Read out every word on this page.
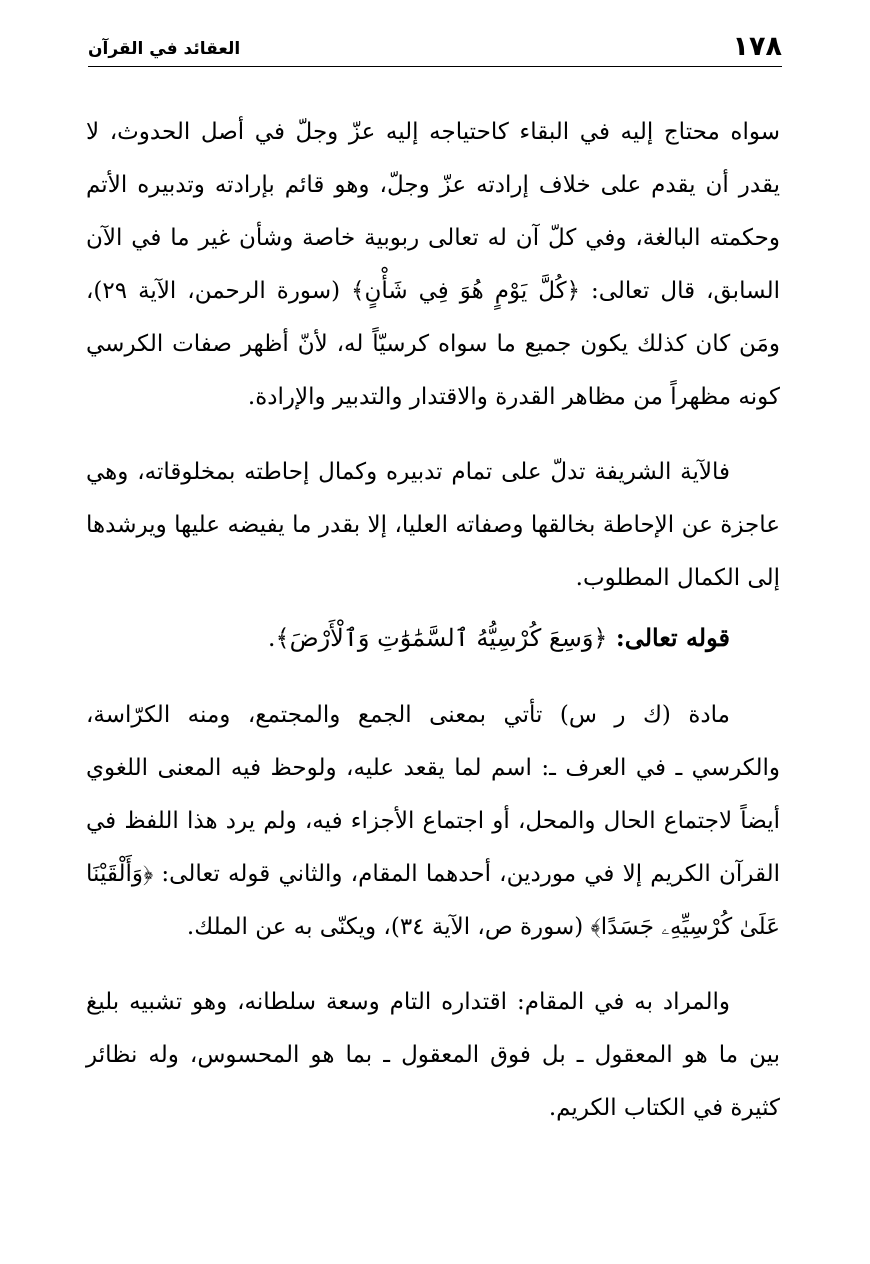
١٧٨
العقائد في القرآن

سواه محتاج إليه في البقاء كاحتياجه إليه عزّ وجلّ في أصل الحدوث، لا يقدر أن يقدم على خلاف إرادته عزّ وجلّ، وهو قائم بإرادته وتدبيره الأتم وحكمته البالغة، وفي كلّ آن له تعالى ربوبية خاصة وشأن غير ما في الآن السابق، قال تعالى: ﴿كُلَّ يَوْمٍ هُوَ فِي شَأْنٍ﴾ (سورة الرحمن، الآية ٢٩)، ومَن كان كذلك يكون جميع ما سواه كرسيّاً له، لأنّ أظهر صفات الكرسي كونه مظهراً من مظاهر القدرة والاقتدار والتدبير والإرادة.

فالآية الشريفة تدلّ على تمام تدبيره وكمال إحاطته بمخلوقاته، وهي عاجزة عن الإحاطة بخالقها وصفاته العليا، إلا بقدر ما يفيضه عليها ويرشدها إلى الكمال المطلوب.

قوله تعالى: ﴿وَسِعَ كُرْسِيُّهُ ٱلسَّمَٰوَٰتِ وَٱلْأَرْضَ﴾.

مادة (ك ر س) تأتي بمعنى الجمع والمجتمع، ومنه الكرّاسة، والكرسي ـ في العرف ـ: اسم لما يقعد عليه، ولوحظ فيه المعنى اللغوي أيضاً لاجتماع الحال والمحل، أو اجتماع الأجزاء فيه، ولم يرد هذا اللفظ في القرآن الكريم إلا في موردين، أحدهما المقام، والثاني قوله تعالى: ﴿وَأَلْقَيْنَا عَلَىٰ كُرْسِيِّهِۦ جَسَدًا﴾ (سورة ص، الآية ٣٤)، ويكنّى به عن الملك.

والمراد به في المقام: اقتداره التام وسعة سلطانه، وهو تشبيه بليغ بين ما هو المعقول ـ بل فوق المعقول ـ بما هو المحسوس، وله نظائر كثيرة في الكتاب الكريم.
